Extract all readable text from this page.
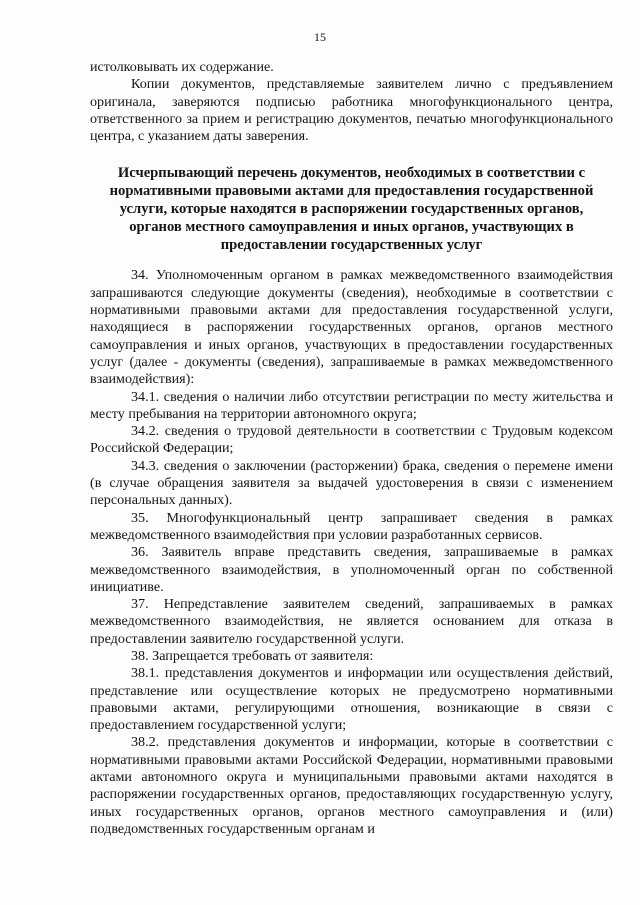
15

истолковывать их содержание.

Копии документов, представляемые заявителем лично с предъявлением оригинала, заверяются подписью работника многофункционального центра, ответственного за прием и регистрацию документов, печатью многофункционального центра, с указанием даты заверения.

Исчерпывающий перечень документов, необходимых в соответствии с нормативными правовыми актами для предоставления государственной услуги, которые находятся в распоряжении государственных органов, органов местного самоуправления и иных органов, участвующих в предоставлении государственных услуг

34. Уполномоченным органом в рамках межведомственного взаимодействия запрашиваются следующие документы (сведения), необходимые в соответствии с нормативными правовыми актами для предоставления государственной услуги, находящиеся в распоряжении государственных органов, органов местного самоуправления и иных органов, участвующих в предоставлении государственных услуг (далее - документы (сведения), запрашиваемые в рамках межведомственного взаимодействия):

34.1. сведения о наличии либо отсутствии регистрации по месту жительства и месту пребывания на территории автономного округа;

34.2. сведения о трудовой деятельности в соответствии с Трудовым кодексом Российской Федерации;

34.3. сведения о заключении (расторжении) брака, сведения о перемене имени (в случае обращения заявителя за выдачей удостоверения в связи с изменением персональных данных).

35. Многофункциональный центр запрашивает сведения в рамках межведомственного взаимодействия при условии разработанных сервисов.

36. Заявитель вправе представить сведения, запрашиваемые в рамках межведомственного взаимодействия, в уполномоченный орган по собственной инициативе.

37. Непредставление заявителем сведений, запрашиваемых в рамках межведомственного взаимодействия, не является основанием для отказа в предоставлении заявителю государственной услуги.

38. Запрещается требовать от заявителя:

38.1. представления документов и информации или осуществления действий, представление или осуществление которых не предусмотрено нормативными правовыми актами, регулирующими отношения, возникающие в связи с предоставлением государственной услуги;

38.2. представления документов и информации, которые в соответствии с нормативными правовыми актами Российской Федерации, нормативными правовыми актами автономного округа и муниципальными правовыми актами находятся в распоряжении государственных органов, предоставляющих государственную услугу, иных государственных органов, органов местного самоуправления и (или) подведомственных государственным органам и
